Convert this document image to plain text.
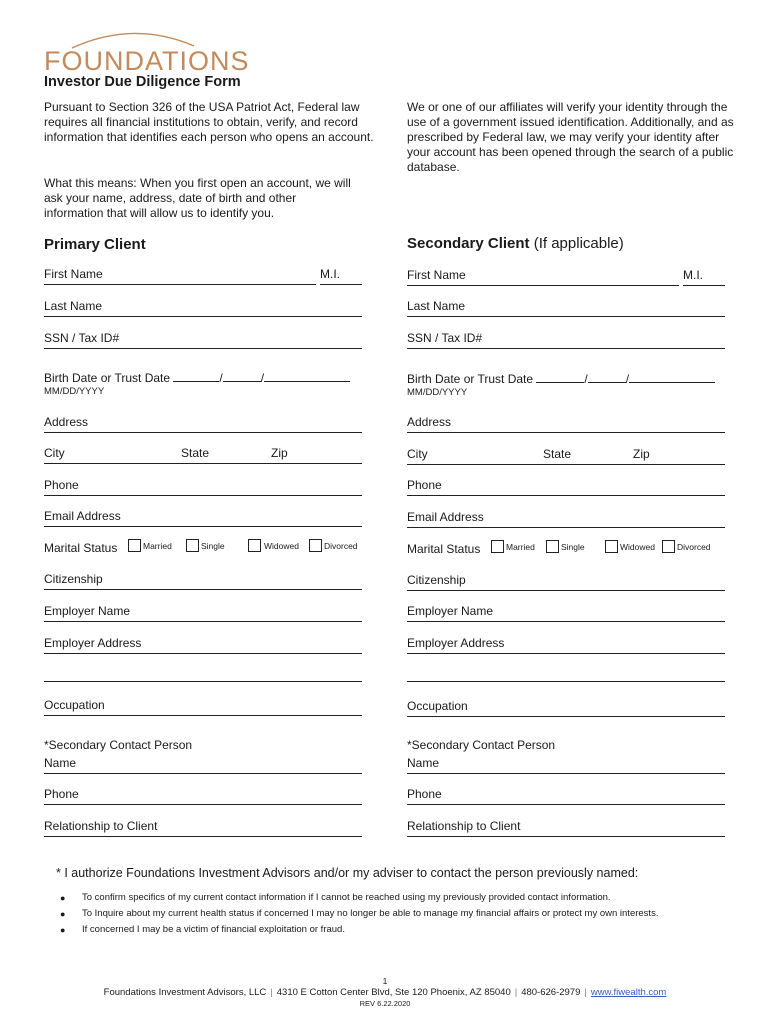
FOUNDATIONS
Investor Due Diligence Form
Pursuant to Section 326 of the USA Patriot Act, Federal law requires all financial institutions to obtain, verify, and record information that identifies each person who opens an account.
What this means: When you first open an account, we will ask your name, address, date of birth and other information that will allow us to identify you.
We or one of our affiliates will verify your identity through the use of a government issued identification. Additionally, and as prescribed by Federal law, we may verify your identity after your account has been opened through the search of a public database.
Primary Client
First Name	M.I.
Last Name
SSN / Tax ID#
Birth Date or Trust Date	/	/
MM/DD/YYYY
Address
City	State	Zip
Phone
Email Address
Marital Status	Married	Single	Widowed	Divorced
Citizenship
Employer Name
Employer Address
Occupation
*Secondary Contact Person
Name
Phone
Relationship to Client
Secondary Client (If applicable)
First Name	M.I.
Last Name
SSN / Tax ID#
Birth Date or Trust Date	/	/
MM/DD/YYYY
Address
City	State	Zip
Phone
Email Address
Marital Status	Married	Single	Widowed	Divorced
Citizenship
Employer Name
Employer Address
Occupation
*Secondary Contact Person
Name
Phone
Relationship to Client
* I authorize Foundations Investment Advisors and/or my adviser to contact the person previously named:
● To confirm specifics of my current contact information if I cannot be reached using my previously provided contact information.
● To Inquire about my current health status if concerned I may no longer be able to manage my financial affairs or protect my own interests.
● If concerned I may be a victim of financial exploitation or fraud.
1
Foundations Investment Advisors, LLC | 4310 E Cotton Center Blvd, Ste 120 Phoenix, AZ 85040 | 480-626-2979 | www.fiwealth.com
REV 6.22.2020
